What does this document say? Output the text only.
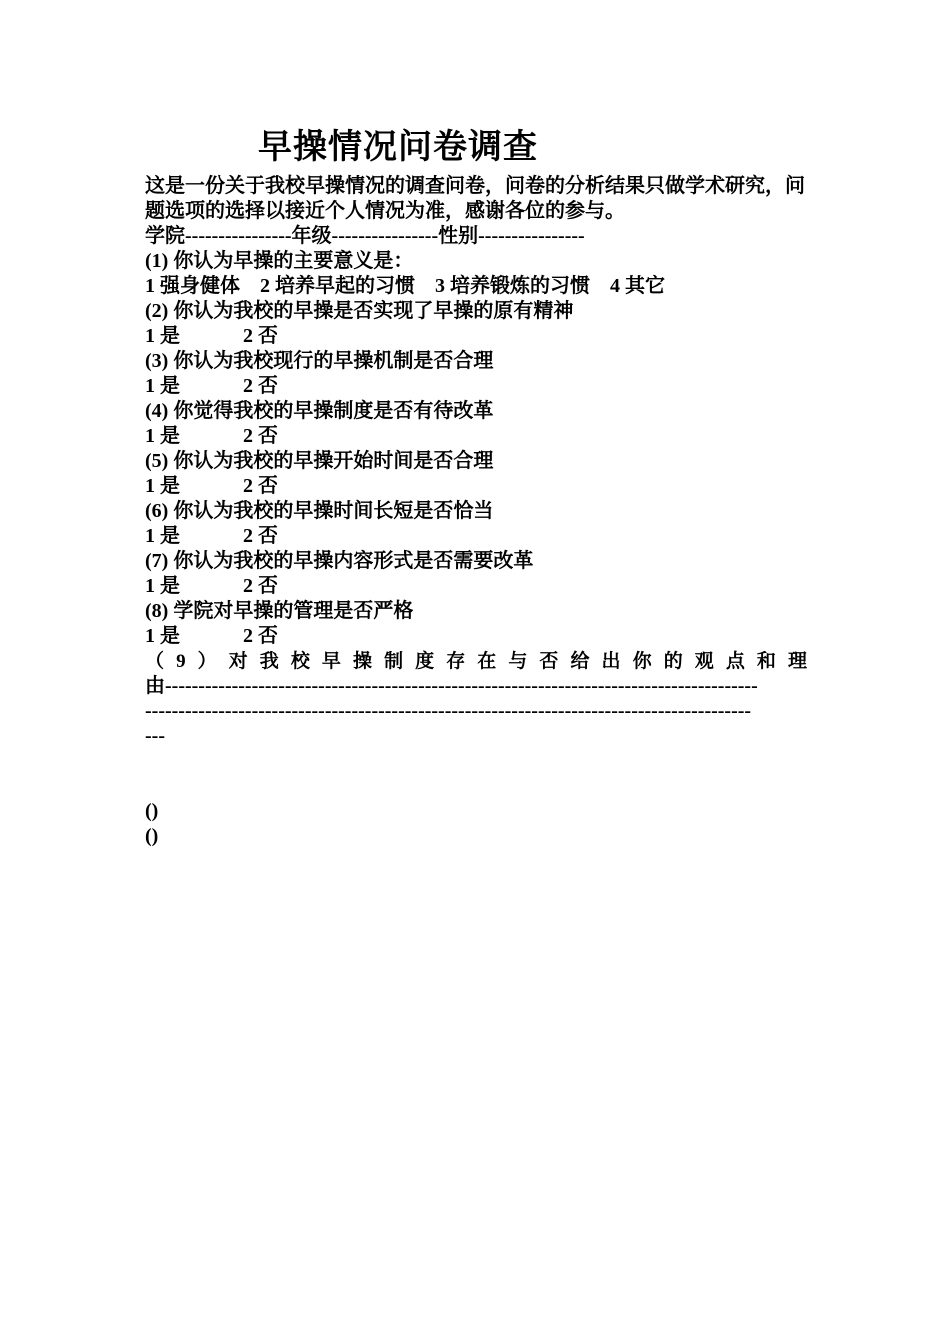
早操情况问卷调查
这是一份关于我校早操情况的调查问卷，问卷的分析结果只做学术研究，问题选项的选择以接近个人情况为准，感谢各位的参与。
学院----------------年级----------------性别----------------
(1) 你认为早操的主要意义是：
1 强身健体    2 培养早起的习惯    3 培养锻炼的习惯    4 其它
(2) 你认为我校的早操是否实现了早操的原有精神
1 是	2 否
(3) 你认为我校现行的早操机制是否合理
1 是	2 否
(4) 你觉得我校的早操制度是否有待改革
1 是	2 否
(5) 你认为我校的早操开始时间是否合理
1 是	2 否
(6) 你认为我校的早操时间长短是否恰当
1 是	2 否
(7) 你认为我校的早操内容形式是否需要改革
1 是	2 否
(8) 学院对早操的管理是否严格
1 是	2 否
（9）对我校早操制度存在与否给出你的观点和理
由-----------------------------------------------------------------------------------------
-------------------------------------------------------------------------------------------
---
()
()
